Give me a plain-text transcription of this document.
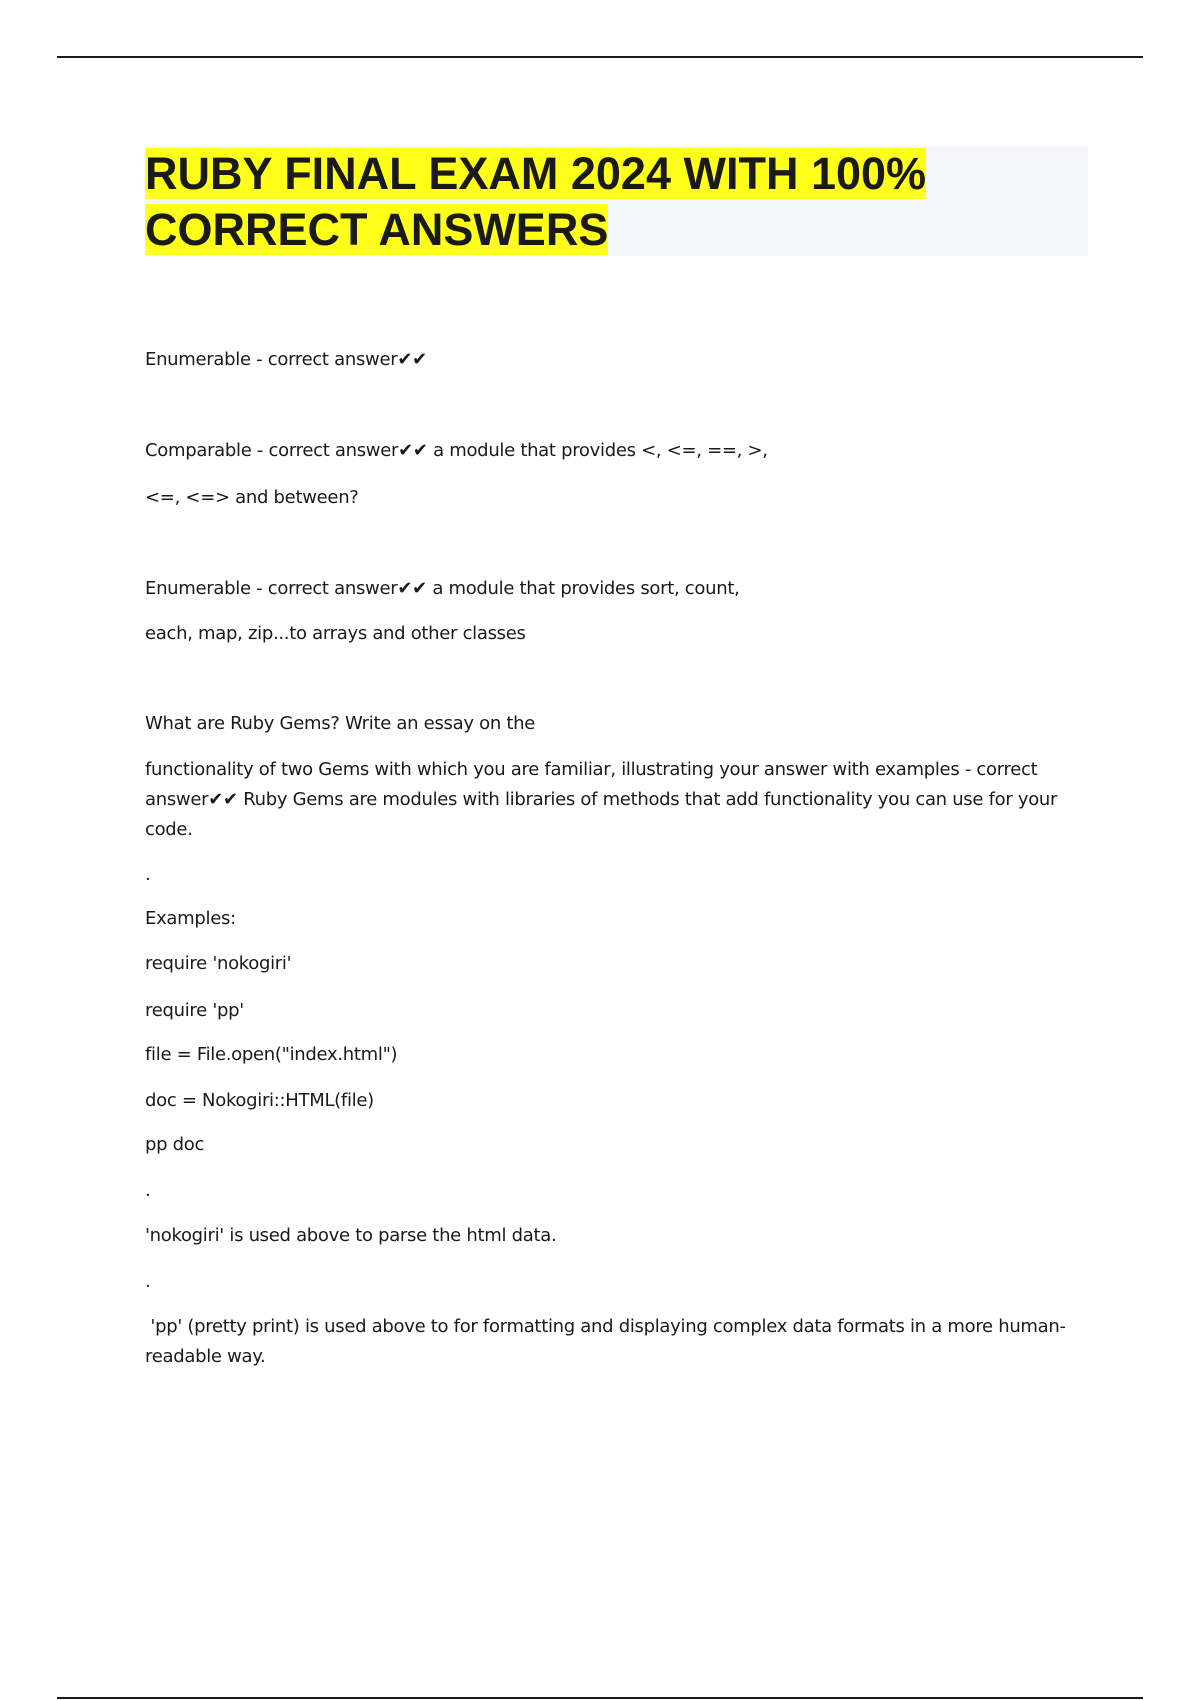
RUBY FINAL EXAM 2024 WITH 100% CORRECT ANSWERS

Enumerable - correct answer✔✔

Comparable - correct answer✔✔ a module that provides <, <=, ==, >,

<=, <=> and between?

Enumerable - correct answer✔✔ a module that provides sort, count,

each, map, zip...to arrays and other classes

What are Ruby Gems? Write an essay on the

functionality of two Gems with which you are familiar, illustrating your answer with examples - correct answer✔✔ Ruby Gems are modules with libraries of methods that add functionality you can use for your code.

.

Examples:

require 'nokogiri'

require 'pp'

file = File.open("index.html")

doc = Nokogiri::HTML(file)

pp doc

.

'nokogiri' is used above to parse the html data.

.

'pp' (pretty print) is used above to for formatting and displaying complex data formats in a more human-readable way.
